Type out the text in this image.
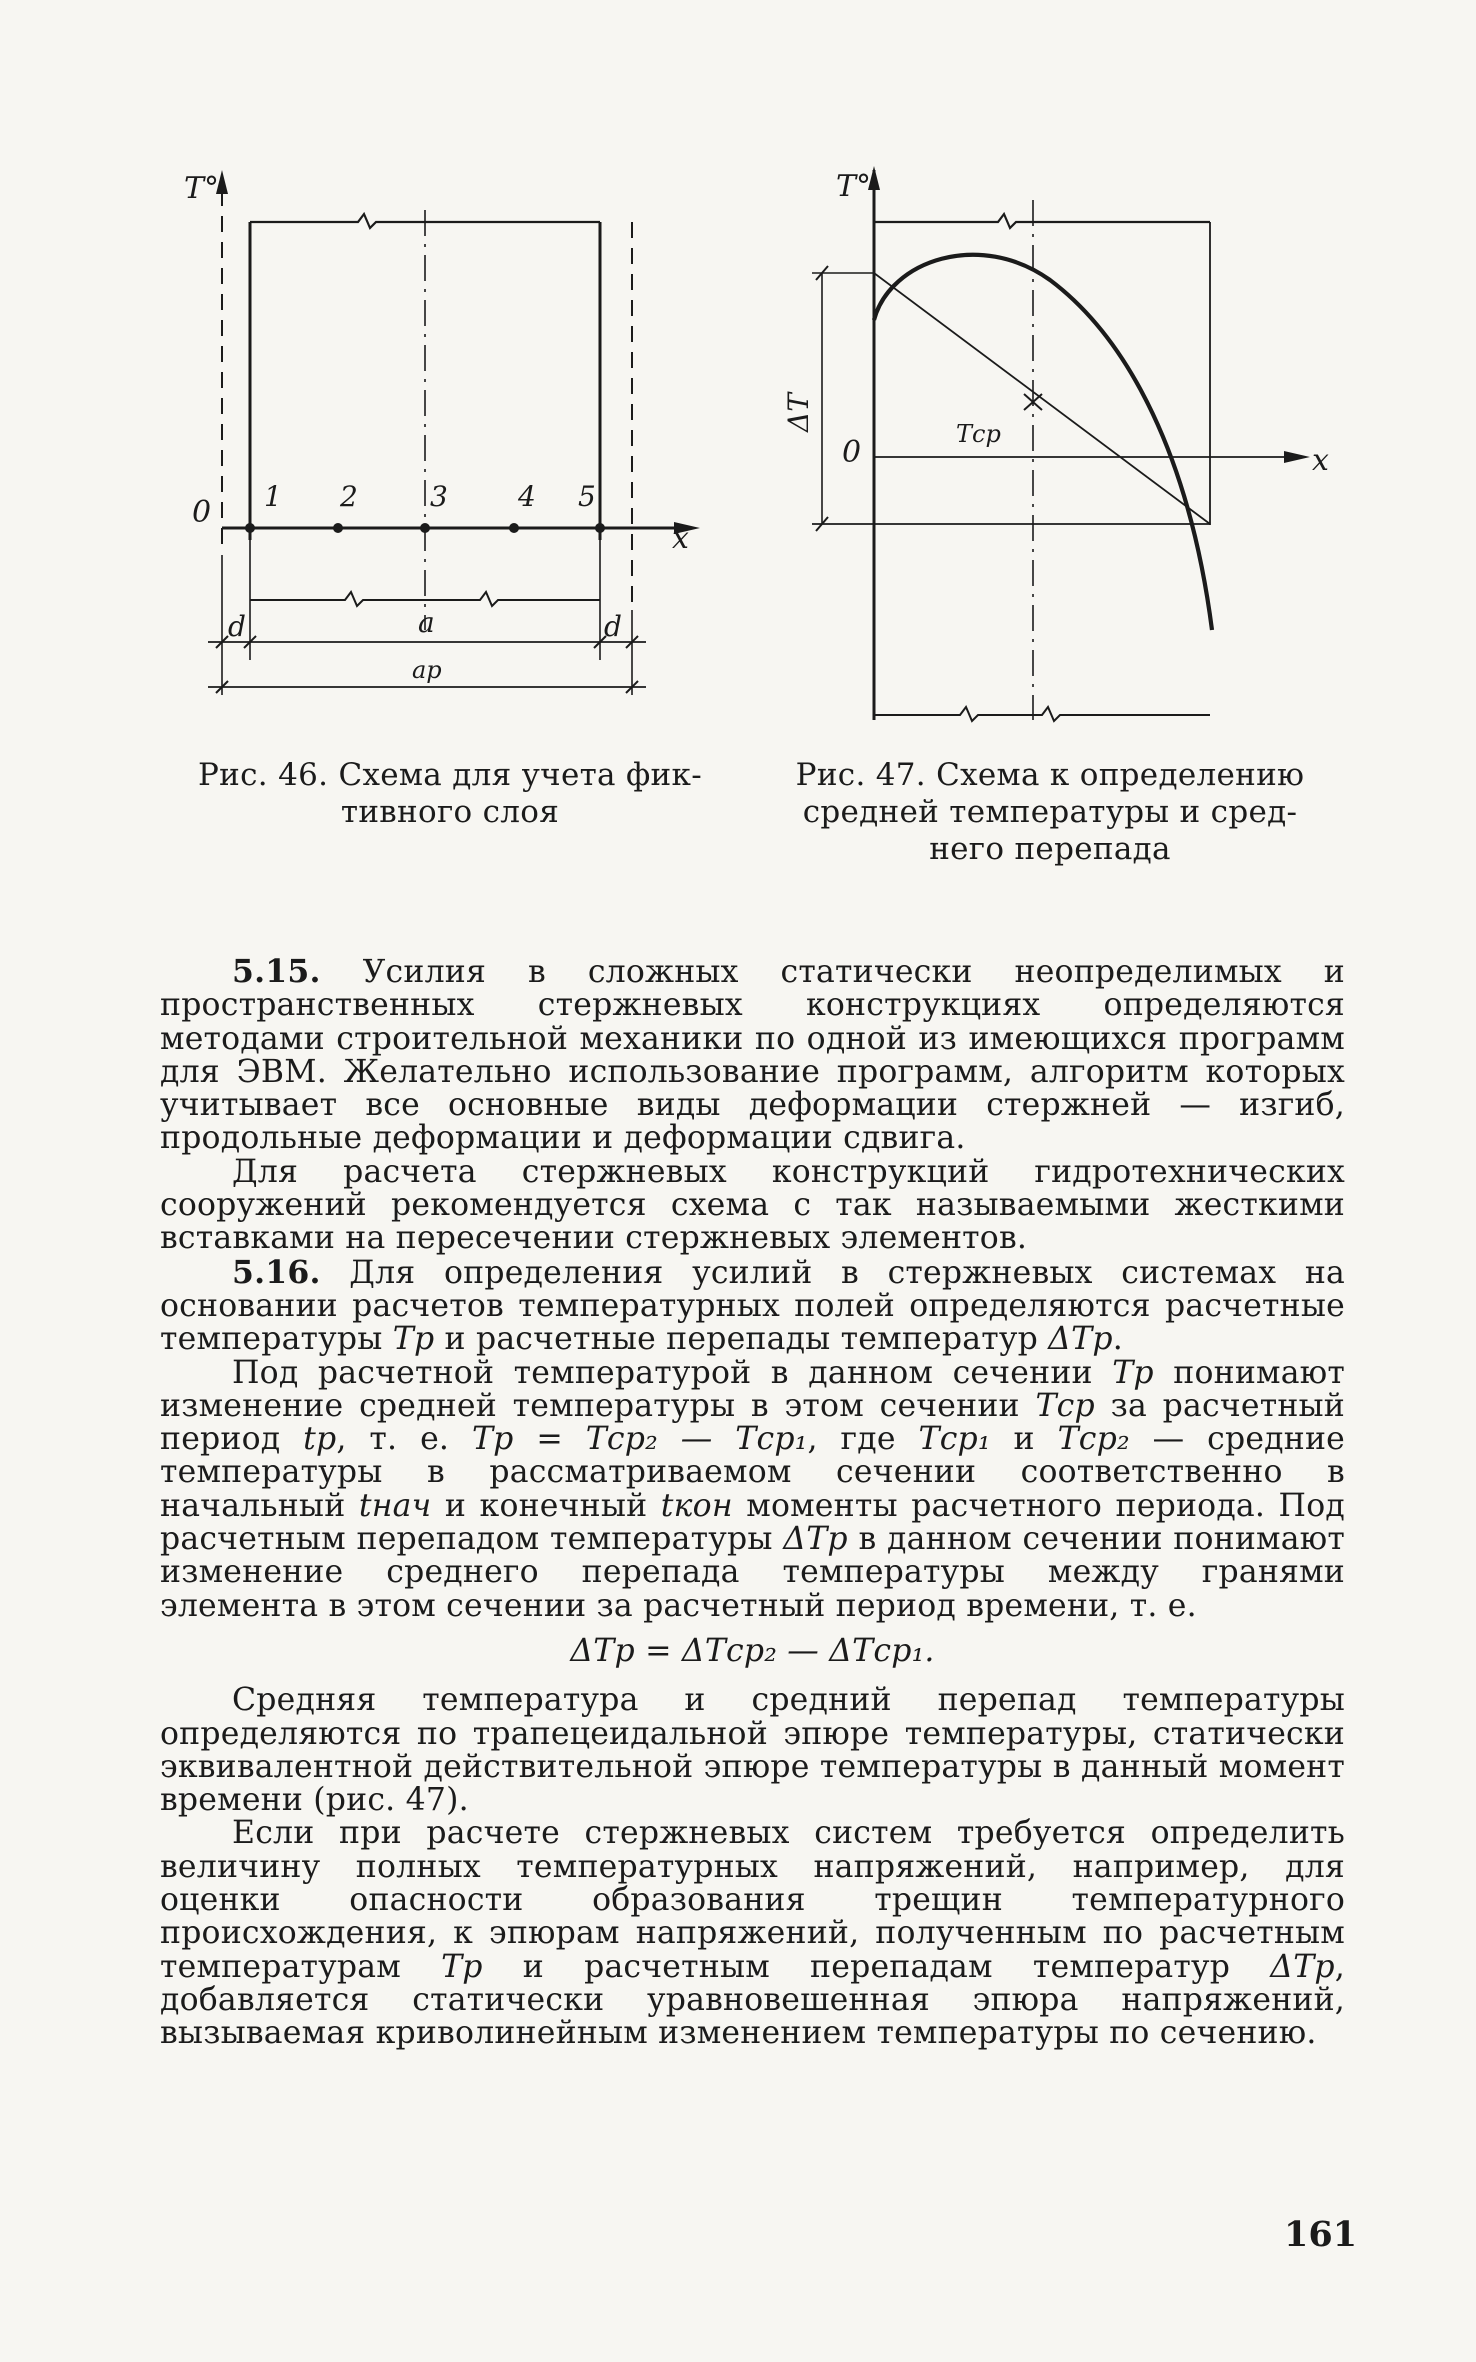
T°
x
0 1 2	3	4 5
d	a	d
aр
Рис. 46. Схема для учета фик-
тивного слоя
T°
x
0
Tср
ΔT
Рис. 47. Схема к определению
средней температуры и сред-
него перепада

5.15. Усилия в сложных статически неопределимых и пространственных стержневых конструкциях определяются методами строительной механики по одной из имеющихся программ для ЭВМ. Желательно использование программ, алгоритм которых учитывает все основные виды деформации стержней — изгиб, продольные деформации и деформации сдвига.

Для расчета стержневых конструкций гидротехнических сооружений рекомендуется схема с так называемыми жесткими вставками на пересечении стержневых элементов.

5.16. Для определения усилий в стержневых системах на основании расчетов температурных полей определяются расчетные температуры Tр и расчетные перепады температур ΔTр.

Под расчетной температурой в данном сечении Tр понимают изменение средней температуры в этом сечении Tср за расчетный период tр, т. е. Tр = Tср₂ — Tср₁, где Tср₁ и Tср₂ — средние температуры в рассматриваемом сечении соответственно в начальный tнач и конечный tкон моменты расчетного периода. Под расчетным перепадом температуры ΔTр в данном сечении понимают изменение среднего перепада температуры между гранями элемента в этом сечении за расчетный период времени, т. е.

ΔTр = ΔTср₂ — ΔTср₁.

Средняя температура и средний перепад температуры определяются по трапецеидальной эпюре температуры, статически эквивалентной действительной эпюре температуры в данный момент времени (рис. 47).

Если при расчете стержневых систем требуется определить величину полных температурных напряжений, например, для оценки опасности образования трещин температурного происхождения, к эпюрам напряжений, полученным по расчетным температурам Tр и расчетным перепадам температур ΔTр, добавляется статически уравновешенная эпюра напряжений, вызываемая криволинейным изменением температуры по сечению.

161
